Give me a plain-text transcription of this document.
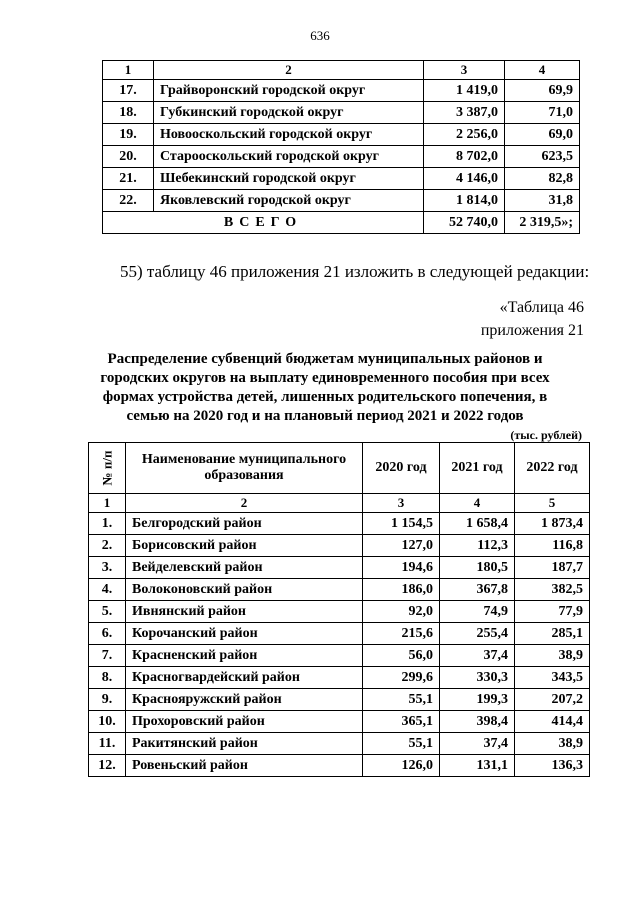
636
1	2	3	4
17.	Грайворонский городской округ	1 419,0	69,9
18.	Губкинский городской округ	3 387,0	71,0
19.	Новооскольский городской округ	2 256,0	69,0
20.	Старооскольский городской округ	8 702,0	623,5
21.	Шебекинский городской округ	4 146,0	82,8
22.	Яковлевский городской округ	1 814,0	31,8
ВСЕГО		52 740,0	2 319,5»;
55) таблицу 46 приложения 21 изложить в следующей редакции:
«Таблица 46
приложения 21
Распределение субвенций бюджетам муниципальных районов и городских округов на выплату единовременного пособия при всех формах устройства детей, лишенных родительского попечения, в семью на 2020 год и на плановый период 2021 и 2022 годов
(тыс. рублей)
№ п/п	Наименование муниципального образования	2020 год	2021 год	2022 год
1	2	3	4	5
1.	Белгородский район	1 154,5	1 658,4	1 873,4
2.	Борисовский район	127,0	112,3	116,8
3.	Вейделевский район	194,6	180,5	187,7
4.	Волоконовский район	186,0	367,8	382,5
5.	Ивнянский район	92,0	74,9	77,9
6.	Корочанский район	215,6	255,4	285,1
7.	Красненский район	56,0	37,4	38,9
8.	Красногвардейский район	299,6	330,3	343,5
9.	Краснояружский район	55,1	199,3	207,2
10.	Прохоровский район	365,1	398,4	414,4
11.	Ракитянский район	55,1	37,4	38,9
12.	Ровеньский район	126,0	131,1	136,3
